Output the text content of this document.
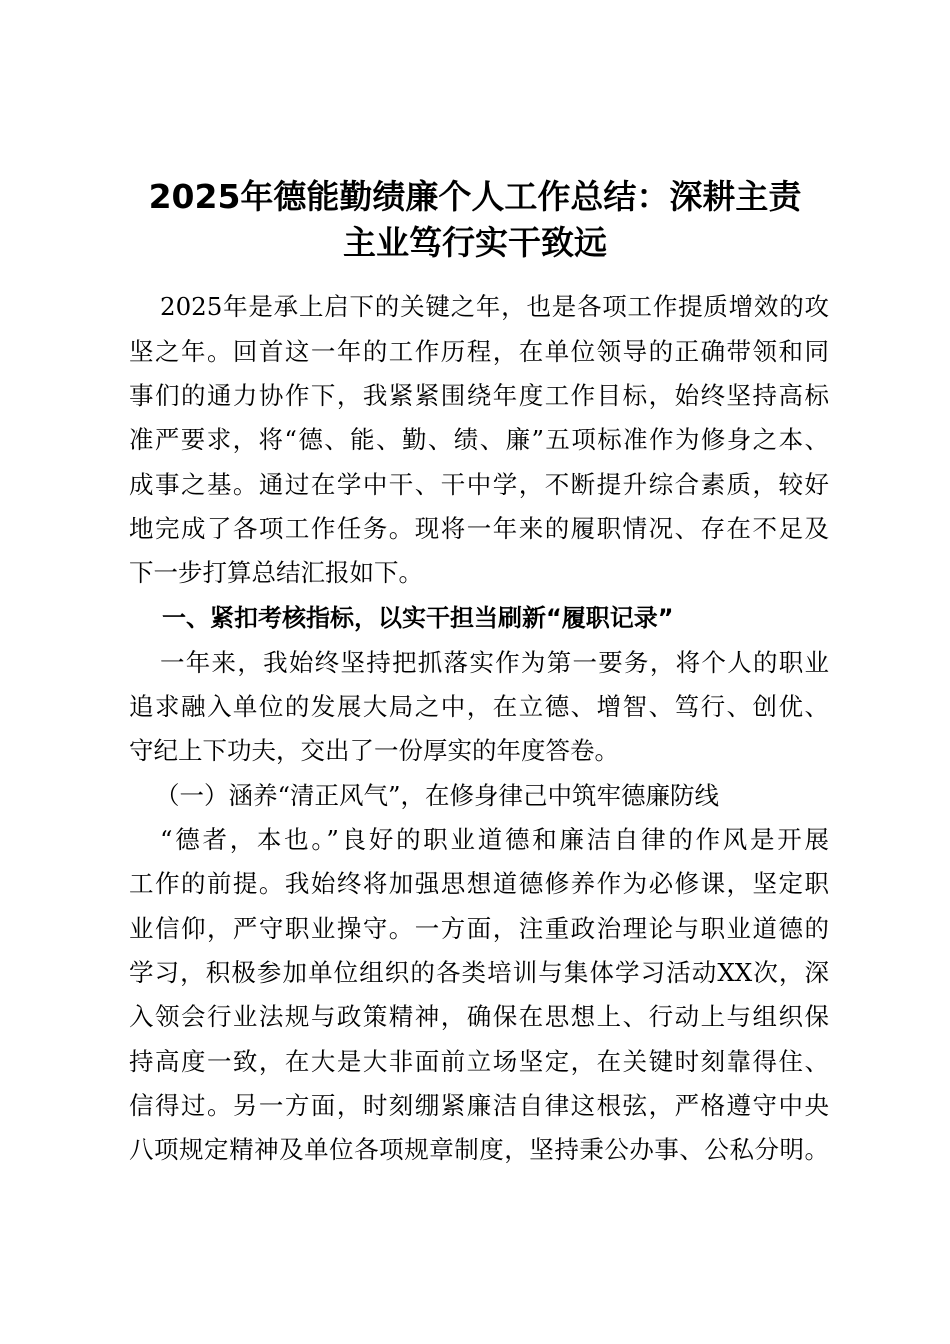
2025年德能勤绩廉个人工作总结：深耕主责
主业笃行实干致远
2025年是承上启下的关键之年，也是各项工作提质增效的攻
坚之年。回首这一年的工作历程，在单位领导的正确带领和同
事们的通力协作下，我紧紧围绕年度工作目标，始终坚持高标
准严要求，将“德、能、勤、绩、廉”五项标准作为修身之本、
成事之基。通过在学中干、干中学，不断提升综合素质，较好
地完成了各项工作任务。现将一年来的履职情况、存在不足及
下一步打算总结汇报如下。
一、紧扣考核指标，以实干担当刷新“履职记录”
一年来，我始终坚持把抓落实作为第一要务，将个人的职业
追求融入单位的发展大局之中，在立德、增智、笃行、创优、
守纪上下功夫，交出了一份厚实的年度答卷。
（一）涵养“清正风气”，在修身律己中筑牢德廉防线
“德者，本也。”良好的职业道德和廉洁自律的作风是开展
工作的前提。我始终将加强思想道德修养作为必修课，坚定职
业信仰，严守职业操守。一方面，注重政治理论与职业道德的
学习，积极参加单位组织的各类培训与集体学习活动XX次，深
入领会行业法规与政策精神，确保在思想上、行动上与组织保
持高度一致，在大是大非面前立场坚定，在关键时刻靠得住、
信得过。另一方面，时刻绷紧廉洁自律这根弦，严格遵守中央
八项规定精神及单位各项规章制度，坚持秉公办事、公私分明。
